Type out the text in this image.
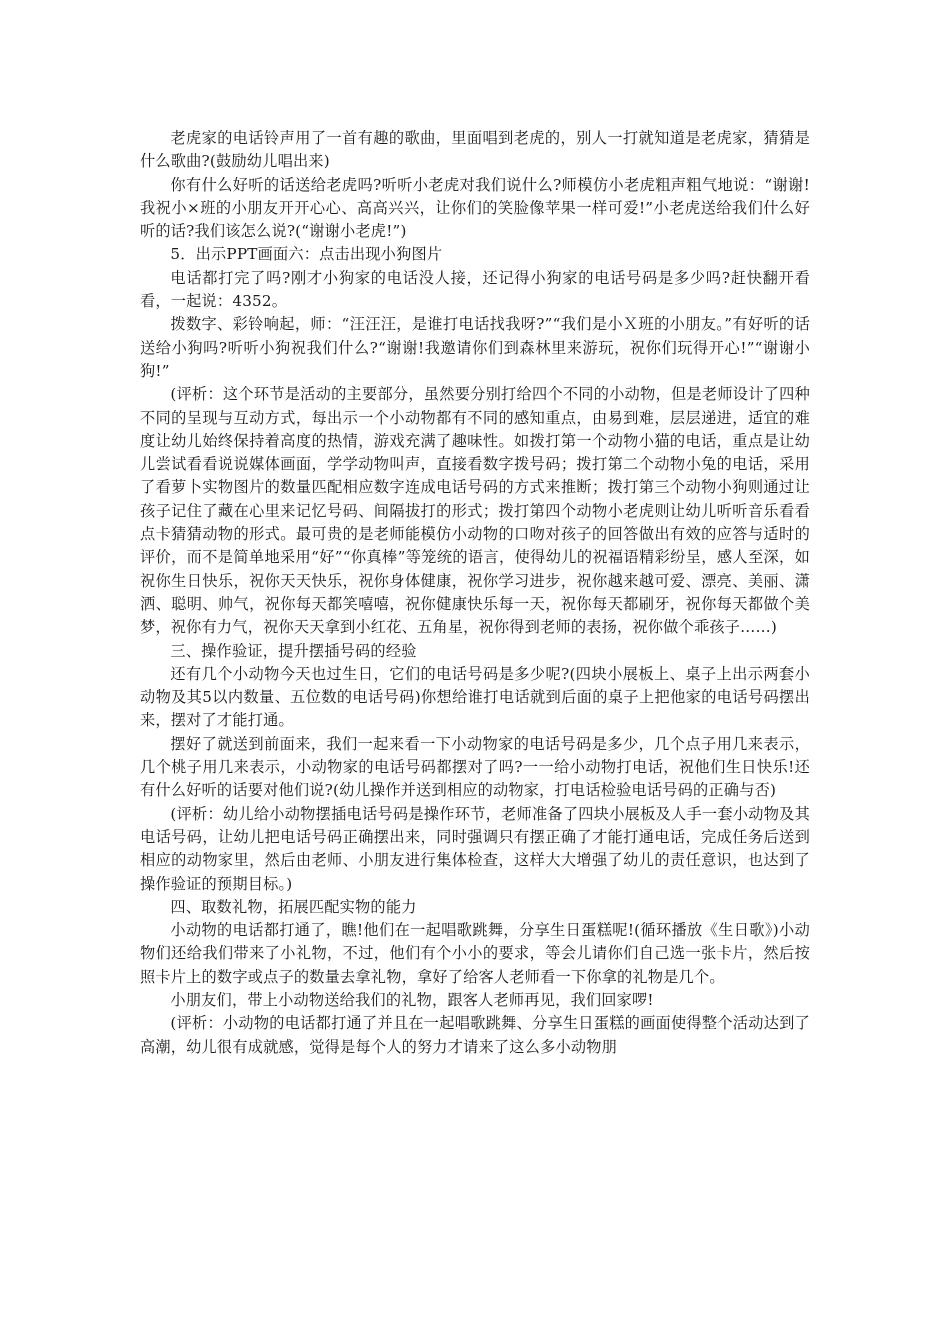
老虎家的电话铃声用了一首有趣的歌曲，里面唱到老虎的，别人一打就知道是老虎家，猜猜是什么歌曲?(鼓励幼儿唱出来)

你有什么好听的话送给老虎吗?听听小老虎对我们说什么?师模仿小老虎粗声粗气地说：“谢谢!我祝小×班的小朋友开开心心、高高兴兴，让你们的笑脸像苹果一样可爱!”小老虎送给我们什么好听的话?我们该怎么说?(“谢谢小老虎!”)

5．出示PPT画面六：点击出现小狗图片

电话都打完了吗?刚才小狗家的电话没人接，还记得小狗家的电话号码是多少吗?赶快翻开看看，一起说：4352。

拨数字、彩铃响起，师：“汪汪汪，是谁打电话找我呀?”“我们是小Ｘ班的小朋友。”有好听的话送给小狗吗?听听小狗祝我们什么?“谢谢!我邀请你们到森林里来游玩，祝你们玩得开心!”“谢谢小狗!”

(评析：这个环节是活动的主要部分，虽然要分别打给四个不同的小动物，但是老师设计了四种不同的呈现与互动方式，每出示一个小动物都有不同的感知重点，由易到难，层层递进，适宜的难度让幼儿始终保持着高度的热情，游戏充满了趣味性。如拨打第一个动物小猫的电话，重点是让幼儿尝试看看说说媒体画面，学学动物叫声，直接看数字拨号码；拨打第二个动物小兔的电话，采用了看萝卜实物图片的数量匹配相应数字连成电话号码的方式来推断；拨打第三个动物小狗则通过让孩子记住了藏在心里来记忆号码、间隔拔打的形式；拨打第四个动物小老虎则让幼儿听听音乐看看点卡猜猜动物的形式。最可贵的是老师能模仿小动物的口吻对孩子的回答做出有效的应答与适时的评价，而不是简单地采用“好”“你真棒”等笼统的语言，使得幼儿的祝福语精彩纷呈，感人至深，如祝你生日快乐，祝你天天快乐，祝你身体健康，祝你学习进步，祝你越来越可爱、漂亮、美丽、潇洒、聪明、帅气，祝你每天都笑嘻嘻，祝你健康快乐每一天，祝你每天都刷牙，祝你每天都做个美梦，祝你有力气，祝你天天拿到小红花、五角星，祝你得到老师的表扬，祝你做个乖孩子……)

三、操作验证，提升摆插号码的经验

还有几个小动物今天也过生日，它们的电话号码是多少呢?(四块小展板上、桌子上出示两套小动物及其5以内数量、五位数的电话号码)你想给谁打电话就到后面的桌子上把他家的电话号码摆出来，摆对了才能打通。

摆好了就送到前面来，我们一起来看一下小动物家的电话号码是多少，几个点子用几来表示，几个桃子用几来表示，小动物家的电话号码都摆对了吗?一一给小动物打电话，祝他们生日快乐!还有什么好听的话要对他们说?(幼儿操作并送到相应的动物家，打电话检验电话号码的正确与否)

(评析：幼儿给小动物摆插电话号码是操作环节，老师准备了四块小展板及人手一套小动物及其电话号码，让幼儿把电话号码正确摆出来，同时强调只有摆正确了才能打通电话，完成任务后送到相应的动物家里，然后由老师、小朋友进行集体检查，这样大大增强了幼儿的责任意识，也达到了操作验证的预期目标。)

四、取数礼物，拓展匹配实物的能力

小动物的电话都打通了，瞧!他们在一起唱歌跳舞，分享生日蛋糕呢!(循环播放《生日歌》)小动物们还给我们带来了小礼物，不过，他们有个小小的要求，等会儿请你们自己选一张卡片，然后按照卡片上的数字或点子的数量去拿礼物，拿好了给客人老师看一下你拿的礼物是几个。

小朋友们，带上小动物送给我们的礼物，跟客人老师再见，我们回家啰!

(评析：小动物的电话都打通了并且在一起唱歌跳舞、分享生日蛋糕的画面使得整个活动达到了高潮，幼儿很有成就感，觉得是每个人的努力才请来了这么多小动物朋
